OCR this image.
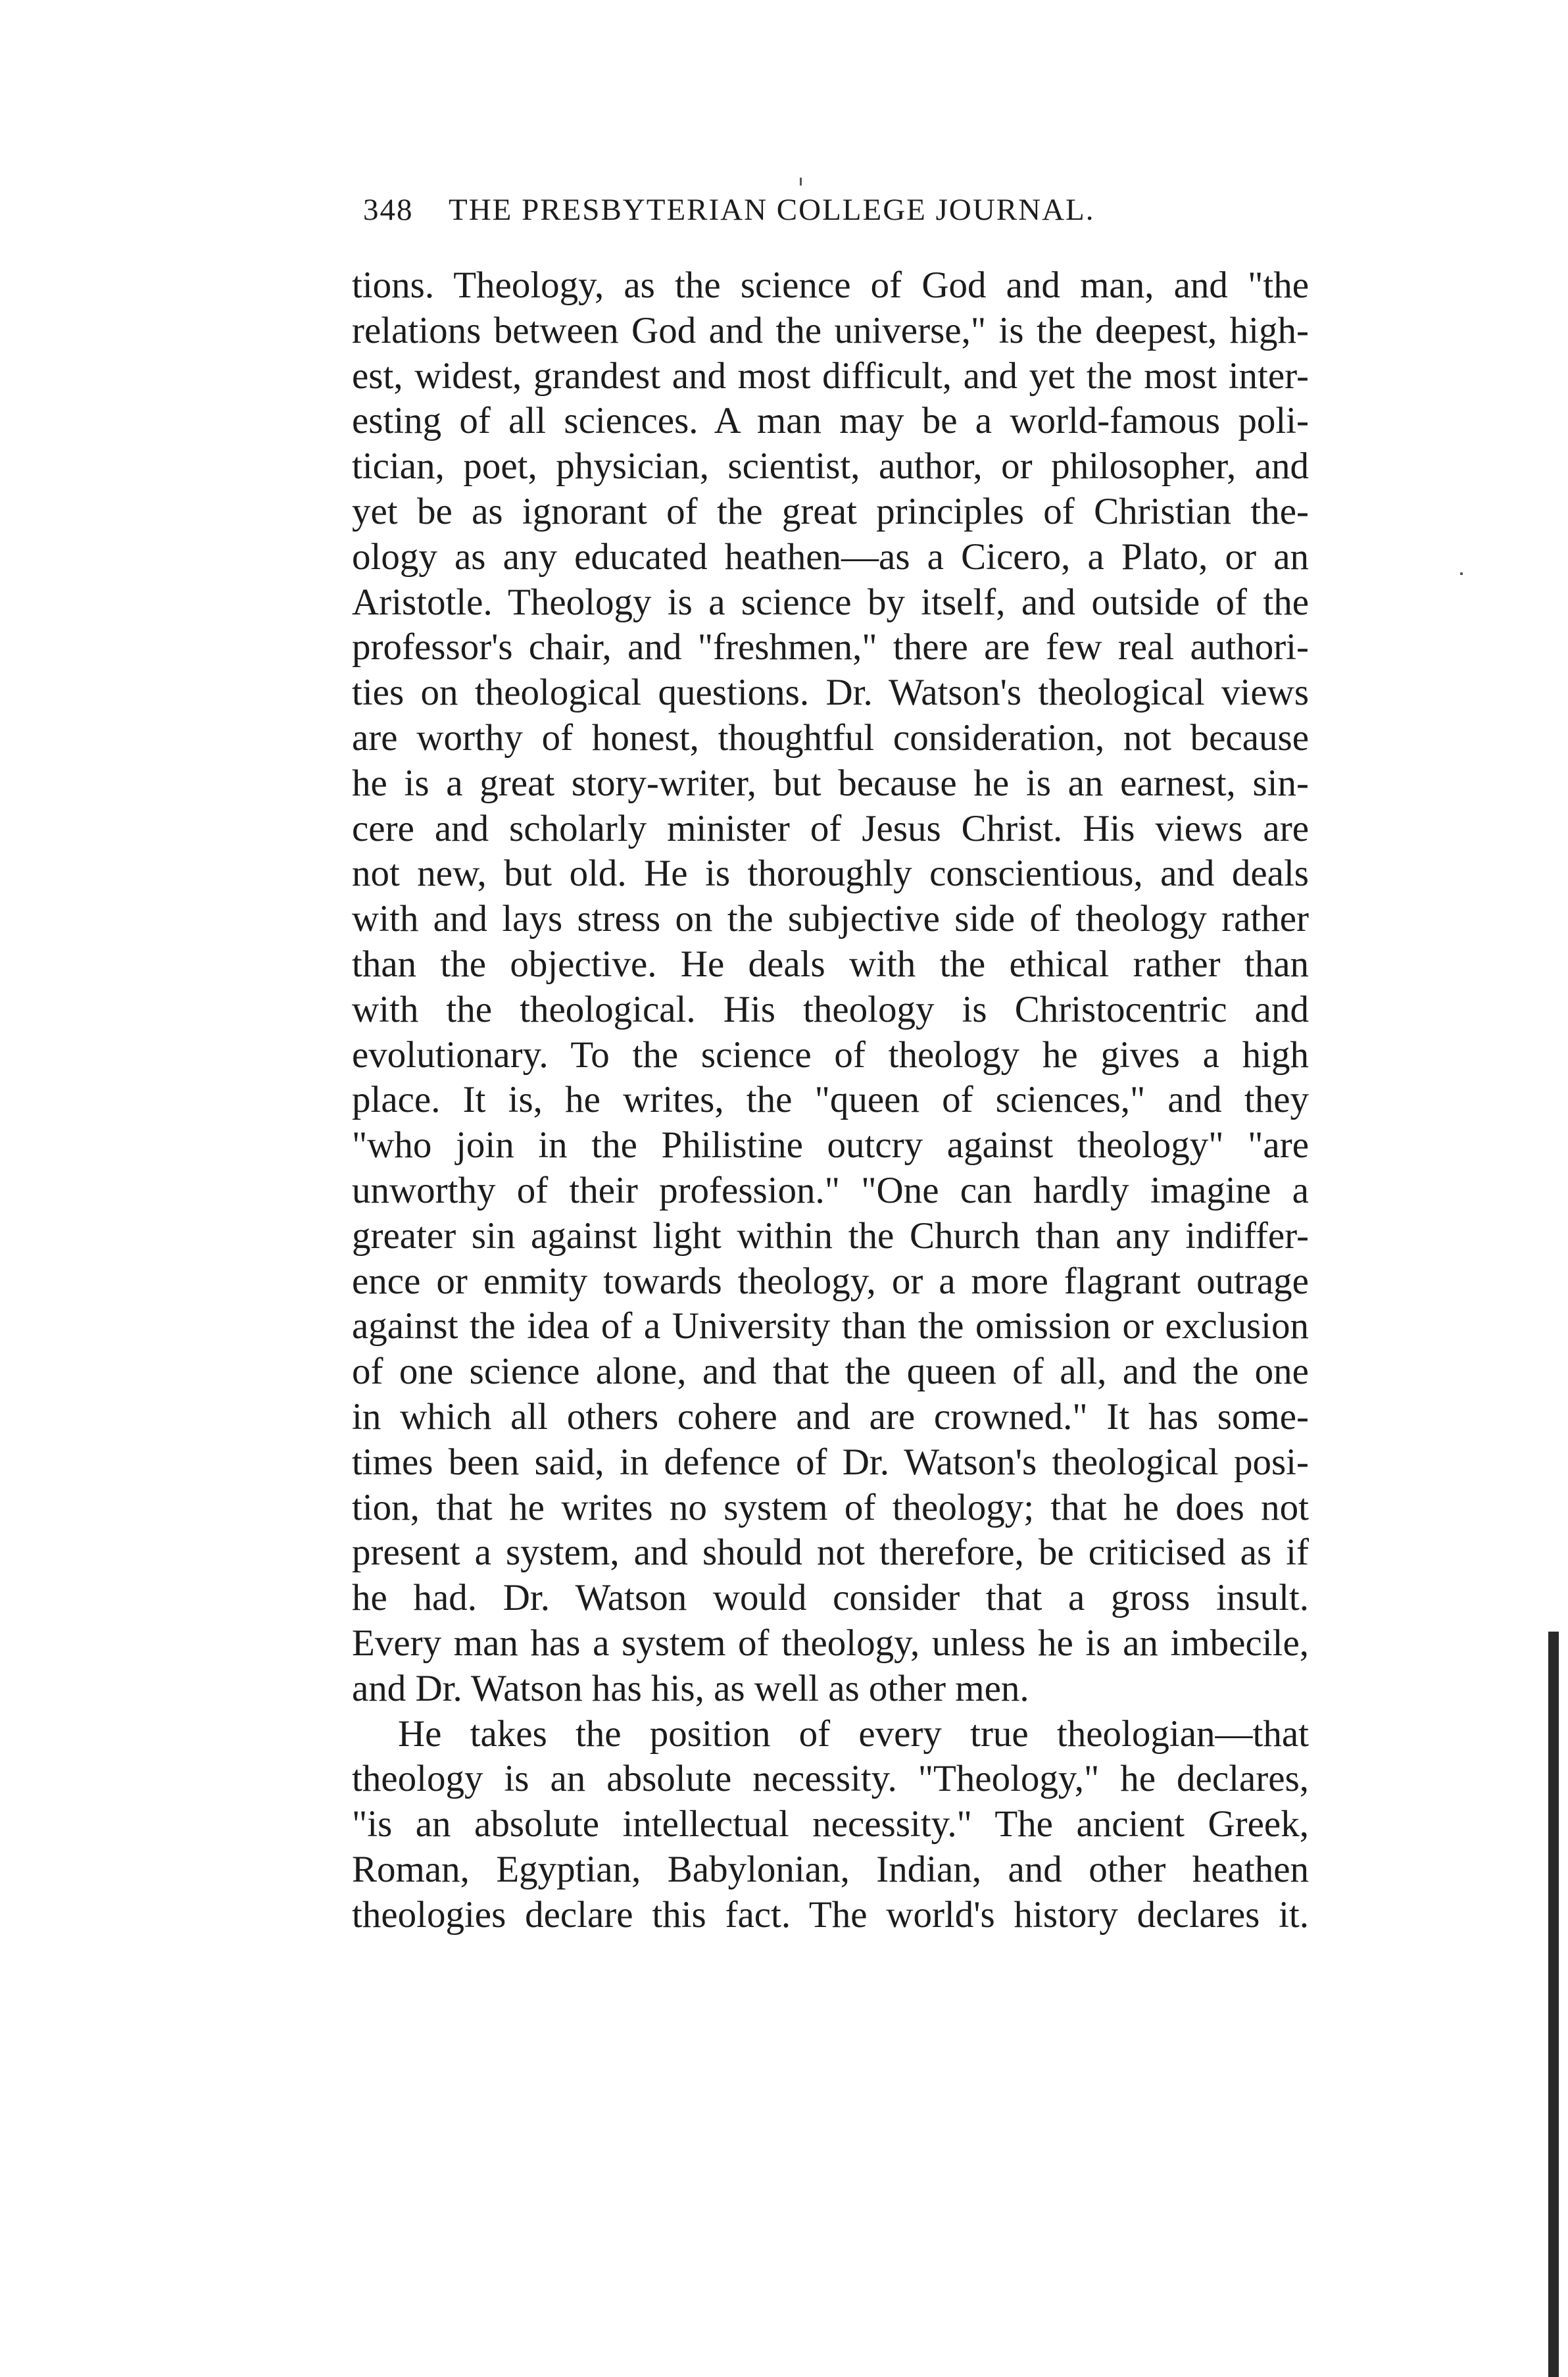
348 THE PRESBYTERIAN COLLEGE JOURNAL.
tions. Theology, as the science of God and man, and "the
relations between God and the universe," is the deepest, high-
est, widest, grandest and most difficult, and yet the most inter-
esting of all sciences. A man may be a world-famous poli-
tician, poet, physician, scientist, author, or philosopher, and
yet be as ignorant of the great principles of Christian the-
ology as any educated heathen—as a Cicero, a Plato, or an
Aristotle. Theology is a science by itself, and outside of the
professor's chair, and "freshmen," there are few real authori-
ties on theological questions. Dr. Watson's theological views
are worthy of honest, thoughtful consideration, not because
he is a great story-writer, but because he is an earnest, sin-
cere and scholarly minister of Jesus Christ. His views are
not new, but old. He is thoroughly conscientious, and deals
with and lays stress on the subjective side of theology rather
than the objective. He deals with the ethical rather than
with the theological. His theology is Christocentric and
evolutionary. To the science of theology he gives a high
place. It is, he writes, the "queen of sciences," and they
"who join in the Philistine outcry against theology" "are
unworthy of their profession." "One can hardly imagine a
greater sin against light within the Church than any indiffer-
ence or enmity towards theology, or a more flagrant outrage
against the idea of a University than the omission or exclusion
of one science alone, and that the queen of all, and the one
in which all others cohere and are crowned." It has some-
times been said, in defence of Dr. Watson's theological posi-
tion, that he writes no system of theology; that he does not
present a system, and should not therefore, be criticised as if
he had. Dr. Watson would consider that a gross insult.
Every man has a system of theology, unless he is an imbecile,
and Dr. Watson has his, as well as other men.
He takes the position of every true theologian—that
theology is an absolute necessity. "Theology," he declares,
"is an absolute intellectual necessity." The ancient Greek,
Roman, Egyptian, Babylonian, Indian, and other heathen
theologies declare this fact. The world's history declares it.
